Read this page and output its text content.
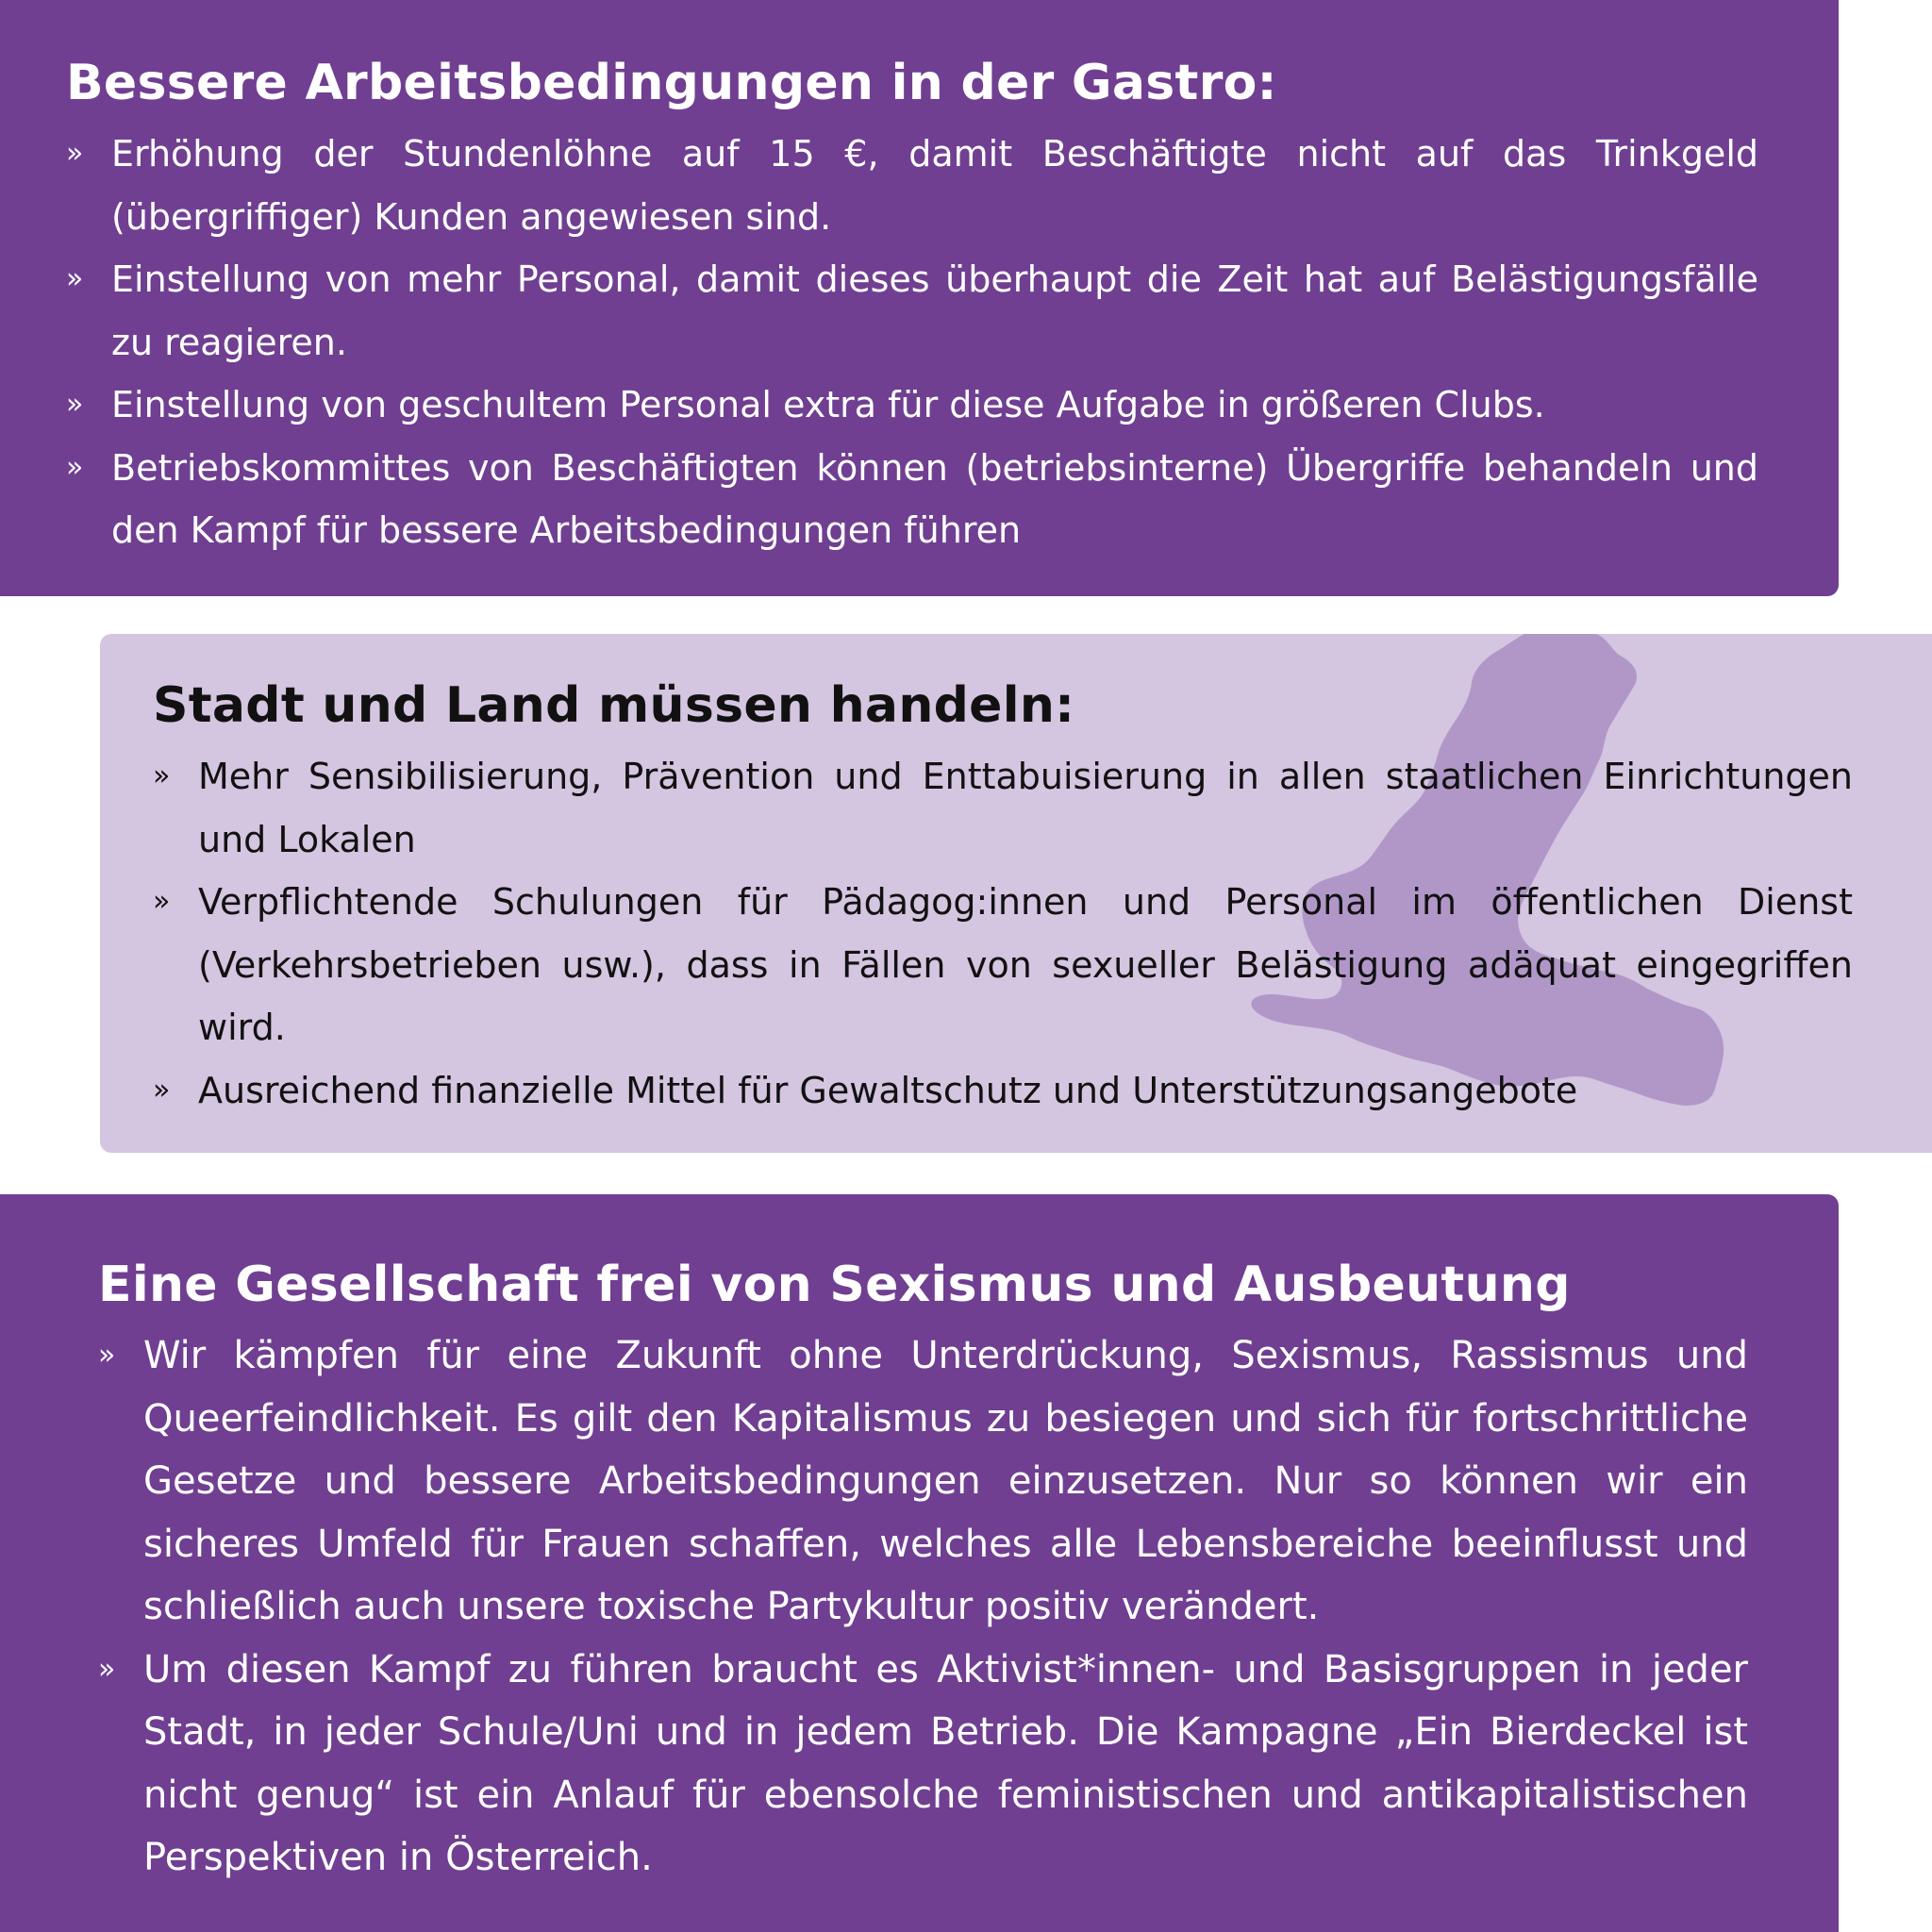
Bessere Arbeitsbedingungen in der Gastro:
» Erhöhung der Stundenlöhne auf 15 €, damit Beschäftigte nicht auf das Trinkgeld (übergriffiger) Kunden angewiesen sind.
» Einstellung von mehr Personal, damit dieses überhaupt die Zeit hat auf Belästigungsfälle zu reagieren.
» Einstellung von geschultem Personal extra für diese Aufgabe in größeren Clubs.
» Betriebskommittes von Beschäftigten können (betriebsinterne) Übergriffe behandeln und den Kampf für bessere Arbeitsbedingungen führen
Stadt und Land müssen handeln:
» Mehr Sensibilisierung, Prävention und Enttabuisierung in allen staatlichen Einrichtungen und Lokalen
» Verpflichtende Schulungen für Pädagog:innen und Personal im öffentlichen Dienst (Verkehrsbetrieben usw.), dass in Fällen von sexueller Belästigung adäquat eingegriffen wird.
» Ausreichend finanzielle Mittel für Gewaltschutz und Unterstützungsangebote
Eine Gesellschaft frei von Sexismus und Ausbeutung
» Wir kämpfen für eine Zukunft ohne Unterdrückung, Sexismus, Rassismus und Queerfeindlichkeit. Es gilt den Kapitalismus zu besiegen und sich für fortschrittliche Gesetze und bessere Arbeitsbedingungen einzusetzen. Nur so können wir ein sicheres Umfeld für Frauen schaffen, welches alle Lebensbereiche beeinflusst und schließlich auch unsere toxische Partykultur positiv verändert.
» Um diesen Kampf zu führen braucht es Aktivist*innen- und Basisgruppen in jeder Stadt, in jeder Schule/Uni und in jedem Betrieb. Die Kampagne „Ein Bierdeckel ist nicht genug“ ist ein Anlauf für ebensolche feministischen und antikapitalistischen Perspektiven in Österreich.
